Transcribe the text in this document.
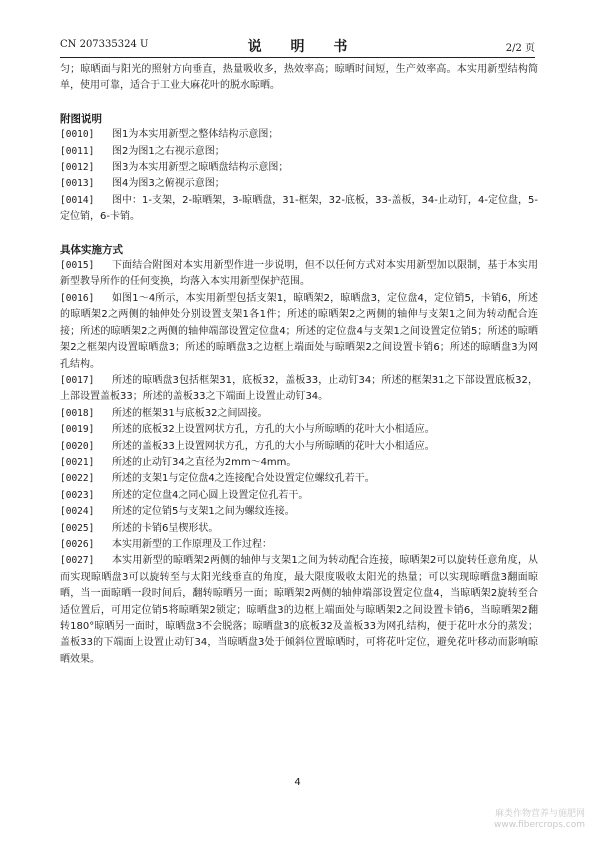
CN 207335324 U	说 明 书	2/2 页

匀；晾晒面与阳光的照射方向垂直，热量吸收多，热效率高；晾晒时间短，生产效率高。本实用新型结构简单，使用可靠，适合于工业大麻花叶的脱水晾晒。

附图说明

[0010]	图1为本实用新型之整体结构示意图；
[0011]	图2为图1之右视示意图；
[0012]	图3为本实用新型之晾晒盘结构示意图；
[0013]	图4为图3之俯视示意图；
[0014]	图中：1-支架，2-晾晒架，3-晾晒盘，31-框架，32-底板，33-盖板，34-止动钉，4-定位盘，5-定位销，6-卡销。

具体实施方式

[0015]	下面结合附图对本实用新型作进一步说明，但不以任何方式对本实用新型加以限制，基于本实用新型教导所作的任何变换，均落入本实用新型保护范围。
[0016]	如图1～4所示，本实用新型包括支架1，晾晒架2，晾晒盘3，定位盘4，定位销5，卡销6，所述的晾晒架2之两侧的轴伸处分别设置支架1各1件；所述的晾晒架2之两侧的轴伸与支架1之间为转动配合连接；所述的晾晒架2之两侧的轴伸端部设置定位盘4；所述的定位盘4与支架1之间设置定位销5；所述的晾晒架2之框架内设置晾晒盘3；所述的晾晒盘3之边框上端面处与晾晒架2之间设置卡销6；所述的晾晒盘3为网孔结构。
[0017]	所述的晾晒盘3包括框架31，底板32，盖板33，止动钉34；所述的框架31之下部设置底板32，上部设置盖板33；所述的盖板33之下端面上设置止动钉34。
[0018]	所述的框架31与底板32之间固接。
[0019]	所述的底板32上设置网状方孔，方孔的大小与所晾晒的花叶大小相适应。
[0020]	所述的盖板33上设置网状方孔，方孔的大小与所晾晒的花叶大小相适应。
[0021]	所述的止动钉34之直径为2mm～4mm。
[0022]	所述的支架1与定位盘4之连接配合处设置定位螺纹孔若干。
[0023]	所述的定位盘4之同心圆上设置定位孔若干。
[0024]	所述的定位销5与支架1之间为螺纹连接。
[0025]	所述的卡销6呈楔形状。
[0026]	本实用新型的工作原理及工作过程：
[0027]	本实用新型的晾晒架2两侧的轴伸与支架1之间为转动配合连接，晾晒架2可以旋转任意角度，从而实现晾晒盘3可以旋转至与太阳光线垂直的角度，最大限度吸收太阳光的热量；可以实现晾晒盘3翻面晾晒，当一面晾晒一段时间后，翻转晾晒另一面；晾晒架2两侧的轴伸端部设置定位盘4，当晾晒架2旋转至合适位置后，可用定位销5将晾晒架2锁定；晾晒盘3的边框上端面处与晾晒架2之间设置卡销6，当晾晒架2翻转180°晾晒另一面时，晾晒盘3不会脱落；晾晒盘3的底板32及盖板33为网孔结构，便于花叶水分的蒸发；盖板33的下端面上设置止动钉34，当晾晒盘3处于倾斜位置晾晒时，可将花叶定位，避免花叶移动而影响晾晒效果。
4
麻类作物营养与施肥网
www.fibercrops.com
